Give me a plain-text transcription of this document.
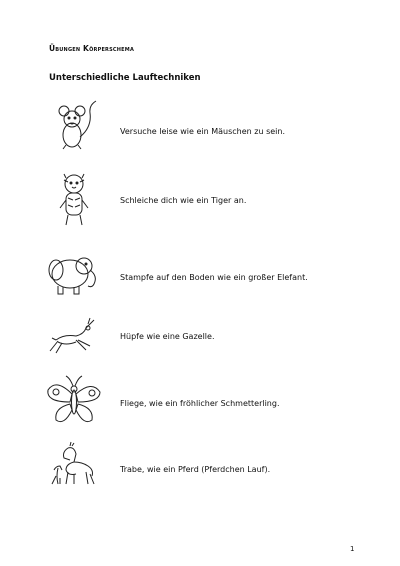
Übungen Körperschema
Unterschiedliche Lauftechniken
Versuche leise wie ein Mäuschen zu sein.
Schleiche dich wie ein Tiger an.
Stampfe auf den Boden wie ein großer Elefant.
Hüpfe wie eine Gazelle.
Fliege, wie ein fröhlicher Schmetterling.
Trabe, wie ein Pferd (Pferdchen Lauf).
1
